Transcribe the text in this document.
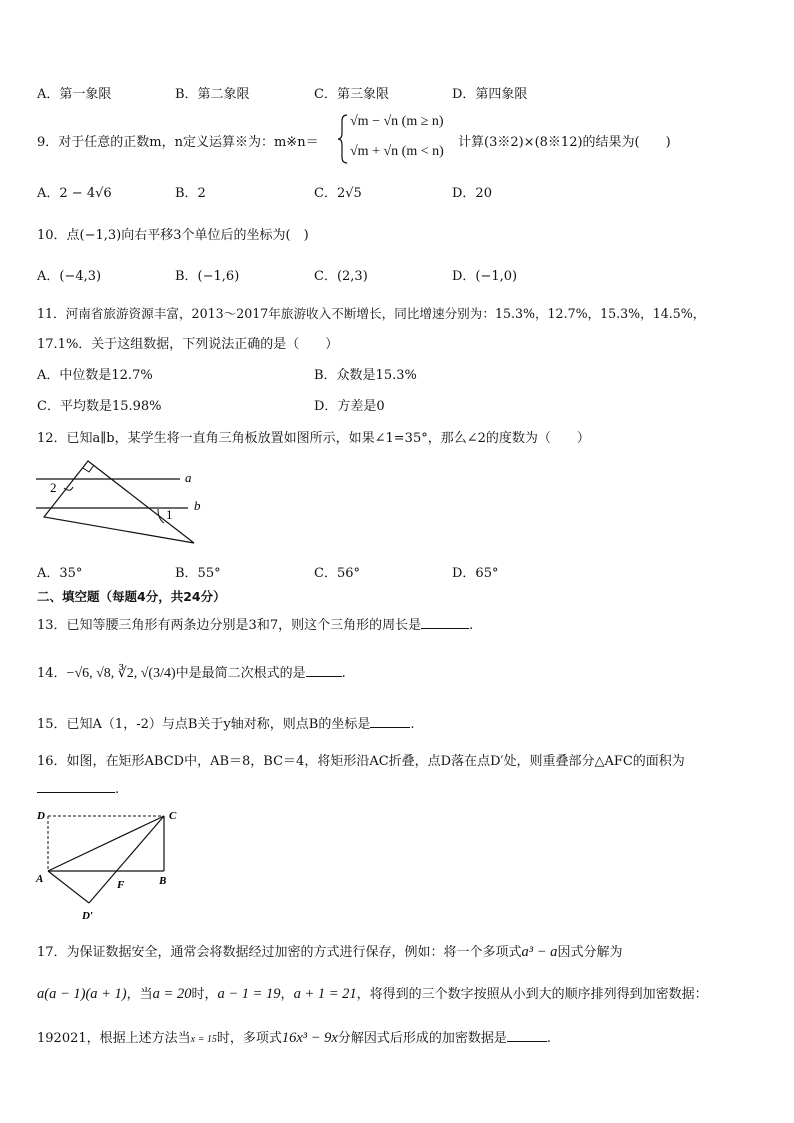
A．第一象限	B．第二象限	C．第三象限	D．第四象限
9．对于任意的正数m，n定义运算※为：m※n＝
√m − √n (m ≥ n)
√m + √n (m < n)
计算(3※2)×(8※12)的结果为(　　)
A．2 − 4√6	B．2	C．2√5	D．20
10．点(−1,3)向右平移3个单位后的坐标为(　)
A．(−4,3)	B．(−1,6)	C．(2,3)	D．(−1,0)
11．河南省旅游资源丰富，2013～2017年旅游收入不断增长，同比增速分别为：15.3%，12.7%，15.3%，14.5%，
17.1%．关于这组数据，下列说法正确的是（　　）
A．中位数是12.7%	B．众数是15.3%
C．平均数是15.98%	D．方差是0
12．已知a∥b，某学生将一直角三角板放置如图所示，如果∠1=35°，那么∠2的度数为（　　）
a
b
2
1
A．35°	B．55°	C．56°	D．65°
二、填空题（每题4分，共24分）
13．已知等腰三角形有两条边分别是3和7，则这个三角形的周长是	.
14．−√6, √8, ∛2, √(3/4)中是最简二次根式的是	.
15．已知A（1，-2）与点B关于y轴对称，则点B的坐标是	.
16．如图，在矩形ABCD中，AB＝8，BC＝4，将矩形沿AC折叠，点D落在点D′处，则重叠部分△AFC的面积为
.
D	C
A	F	B
D′
17．为保证数据安全，通常会将数据经过加密的方式进行保存，例如：将一个多项式a³ − a因式分解为
a(a − 1)(a + 1)，当a = 20时，a − 1 = 19，a + 1 = 21，将得到的三个数字按照从小到大的顺序排列得到加密数据：
192021，根据上述方法当x = 15时，多项式16x³ − 9x分解因式后形成的加密数据是	.
